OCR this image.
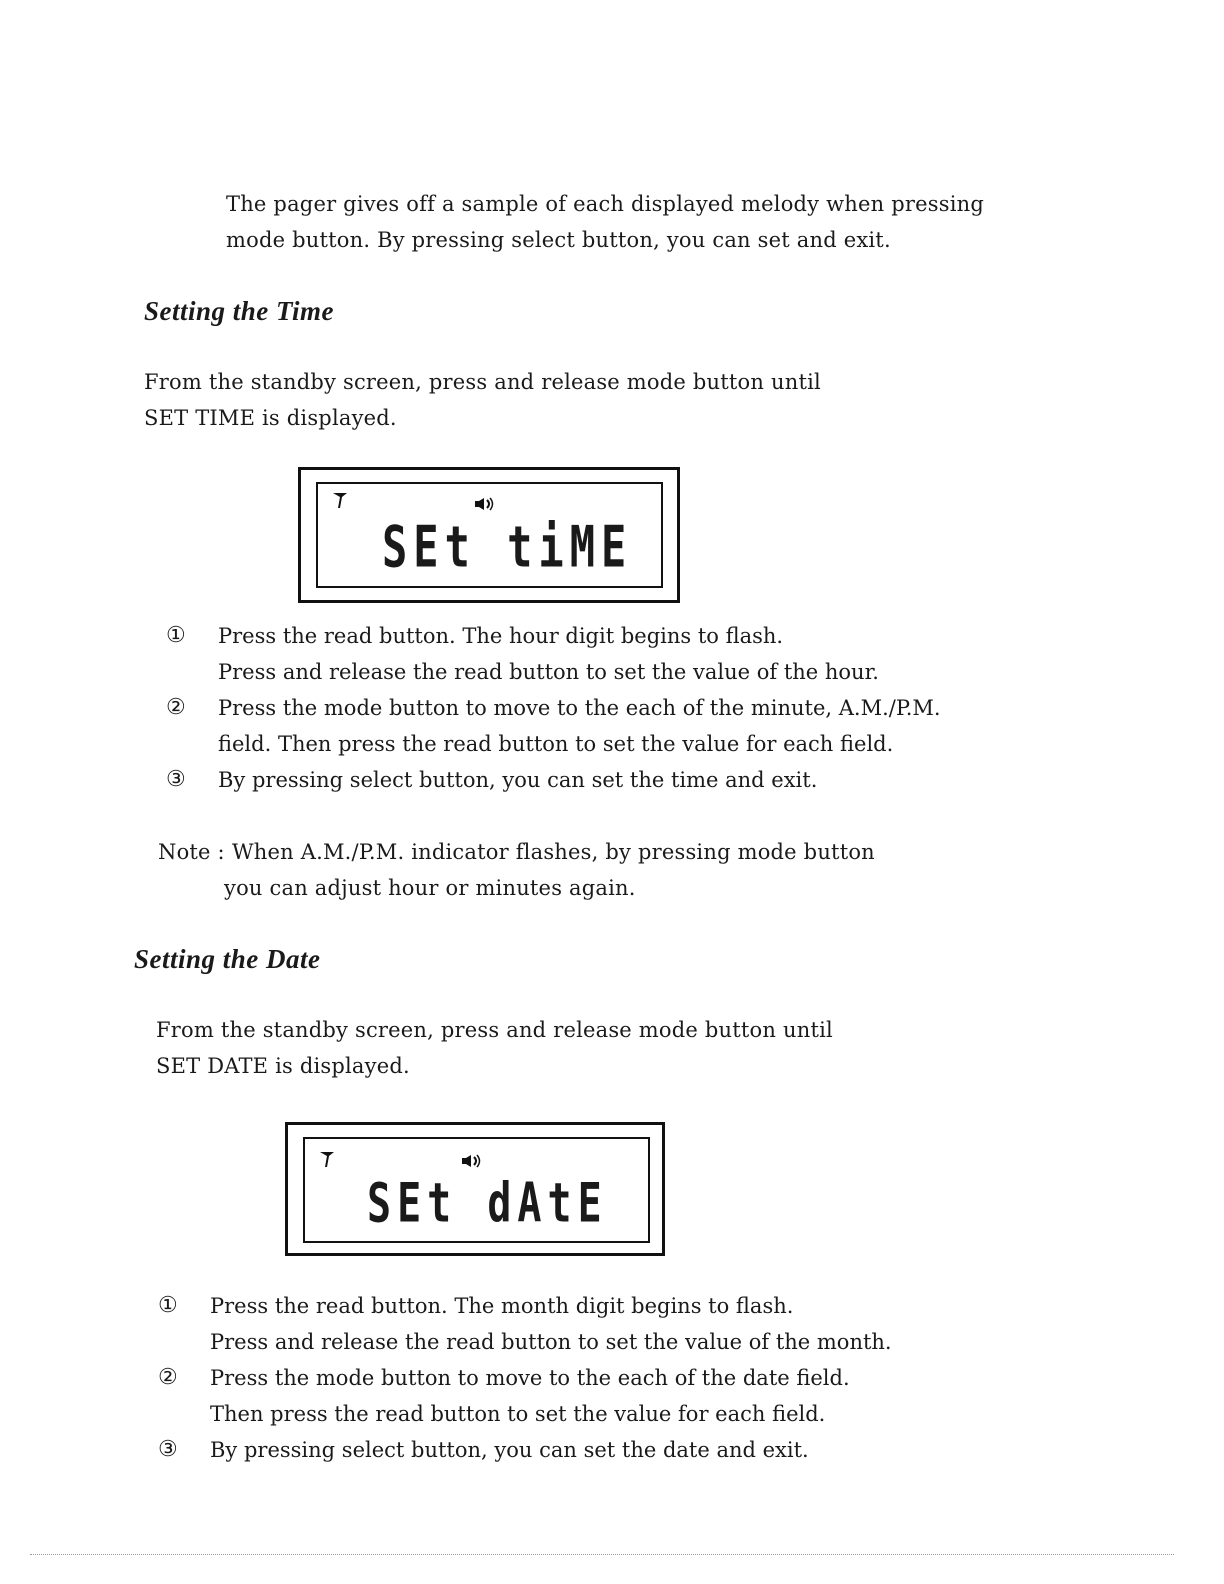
The pager gives off a sample of each displayed melody when pressing
mode button. By pressing select button, you can set and exit.
Setting the Time
From the standby screen, press and release mode button until
SET TIME is displayed.
SEt tiME
① Press the read button. The hour digit begins to flash.
Press and release the read button to set the value of the hour.
② Press the mode button to move to the each of the minute, A.M./P.M.
field. Then press the read button to set the value for each field.
③ By pressing select button, you can set the time and exit.
Note : When A.M./P.M. indicator flashes, by pressing mode button
you can adjust hour or minutes again.
Setting the Date
From the standby screen, press and release mode button until
SET DATE is displayed.
SEt dAtE
① Press the read button. The month digit begins to flash.
Press and release the read button to set the value of the month.
② Press the mode button to move to the each of the date field.
Then press the read button to set the value for each field.
③ By pressing select button, you can set the date and exit.
